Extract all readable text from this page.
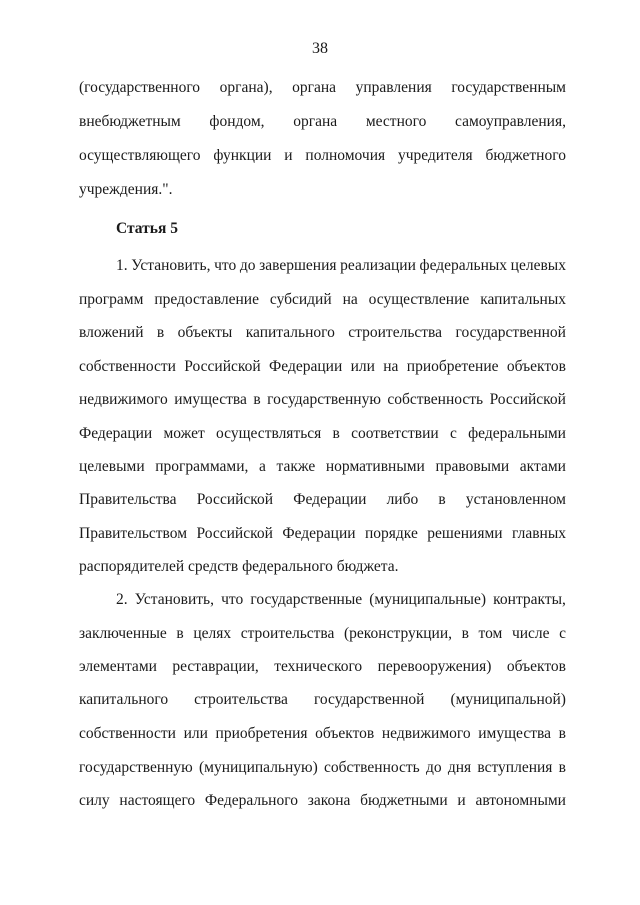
38
Статья 5
(государственного органа), органа управления государственным
внебюджетным фондом, органа местного самоуправления,
осуществляющего функции и полномочия учредителя бюджетного
учреждения.".
1. Установить, что до завершения реализации федеральных целевых
программ предоставление субсидий на осуществление капитальных
вложений в объекты капитального строительства государственной
собственности Российской Федерации или на приобретение объектов
недвижимого имущества в государственную собственность Российской
Федерации может осуществляться в соответствии с федеральными
целевыми программами, а также нормативными правовыми актами
Правительства Российской Федерации либо в установленном
Правительством Российской Федерации порядке решениями главных
распорядителей средств федерального бюджета.
2. Установить, что государственные (муниципальные) контракты,
заключенные в целях строительства (реконструкции, в том числе с
элементами реставрации, технического перевооружения) объектов
капитального строительства государственной (муниципальной)
собственности или приобретения объектов недвижимого имущества в
государственную (муниципальную) собственность до дня вступления в
силу настоящего Федерального закона бюджетными и автономными
